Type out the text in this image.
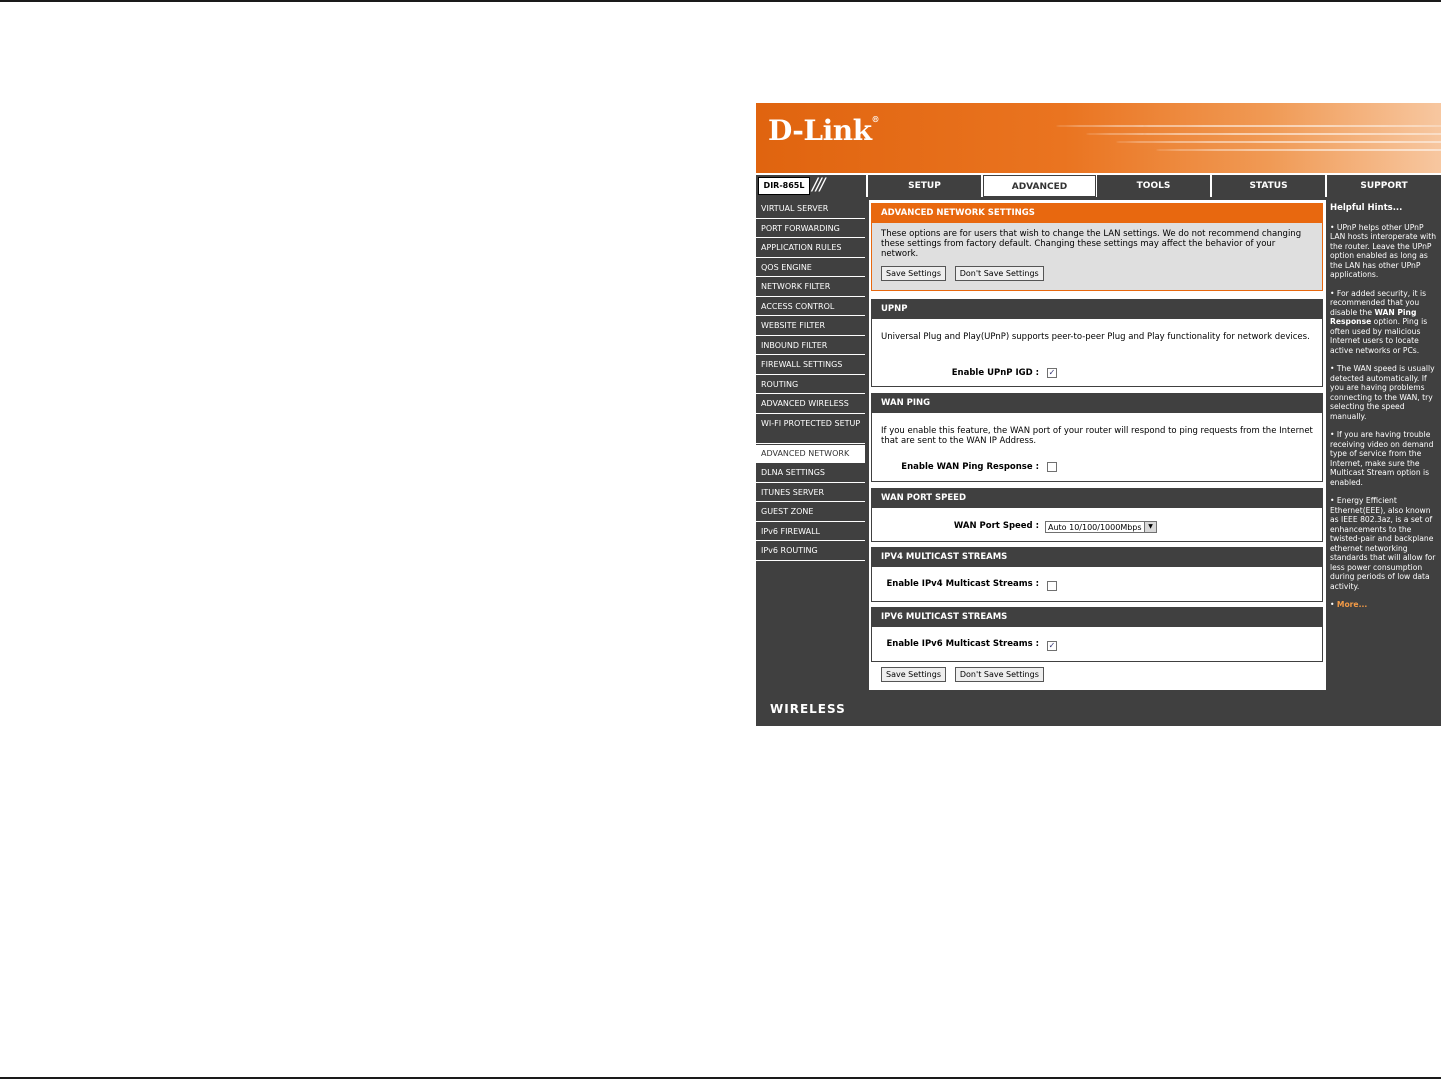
D-Link®
DIR-865L ///	SETUP	ADVANCED	TOOLS	STATUS	SUPPORT
VIRTUAL SERVER
PORT FORWARDING
APPLICATION RULES
QOS ENGINE
NETWORK FILTER
ACCESS CONTROL
WEBSITE FILTER
INBOUND FILTER
FIREWALL SETTINGS
ROUTING
ADVANCED WIRELESS
WI-FI PROTECTED SETUP
ADVANCED NETWORK
DLNA SETTINGS
ITUNES SERVER
GUEST ZONE
IPv6 FIREWALL
IPv6 ROUTING
ADVANCED NETWORK SETTINGS
These options are for users that wish to change the LAN settings. We do not recommend changing these settings from factory default. Changing these settings may affect the behavior of your network.
Save Settings Don't Save Settings
UPNP
Universal Plug and Play(UPnP) supports peer-to-peer Plug and Play functionality for network devices.
Enable UPnP IGD : ✓
WAN PING
If you enable this feature, the WAN port of your router will respond to ping requests from the Internet that are sent to the WAN IP Address.
Enable WAN Ping Response :
WAN PORT SPEED
WAN Port Speed :	Auto 10/100/1000Mbps	▼
IPV4 MULTICAST STREAMS
Enable IPv4 Multicast Streams :
IPV6 MULTICAST STREAMS
Enable IPv6 Multicast Streams : ✓
Save Settings Don't Save Settings
Helpful Hints...
• UPnP helps other UPnP LAN hosts interoperate with the router. Leave the UPnP option enabled as long as the LAN has other UPnP applications.
• For added security, it is recommended that you disable the WAN Ping Response option. Ping is often used by malicious Internet users to locate active networks or PCs.
• The WAN speed is usually detected automatically. If you are having problems connecting to the WAN, try selecting the speed manually.
• If you are having trouble receiving video on demand type of service from the Internet, make sure the Multicast Stream option is enabled.
• Energy Efficient Ethernet(EEE), also known as IEEE 802.3az, is a set of enhancements to the twisted-pair and backplane ethernet networking standards that will allow for less power consumption during periods of low data activity.
• More...
WIRELESS
